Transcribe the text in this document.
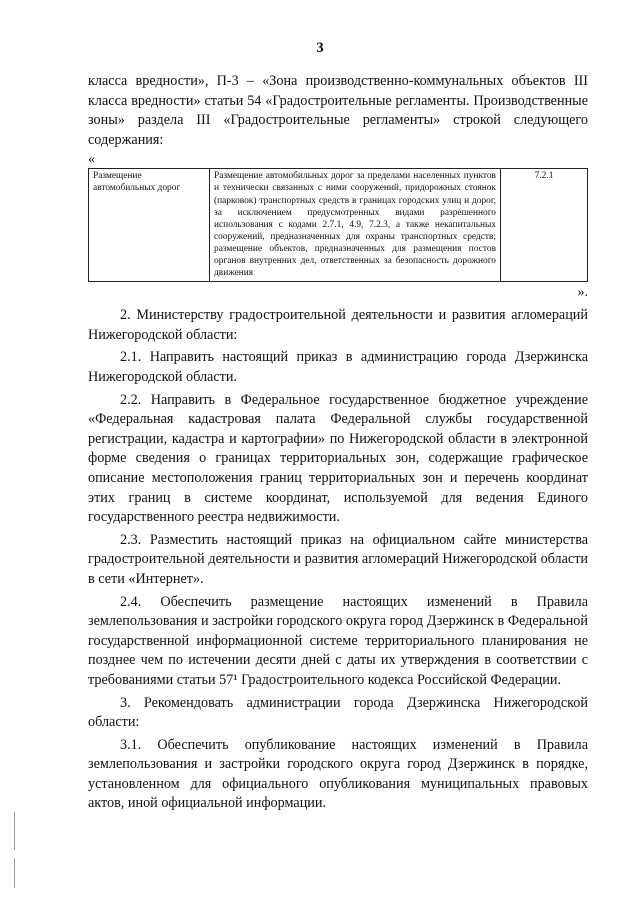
3

класса вредности», П-3 – «Зона производственно-коммунальных объектов III класса вредности» статьи 54 «Градостроительные регламенты. Производственные зоны» раздела III «Градостроительные регламенты» строкой следующего содержания:

«
Размещение автомобильных дорог	Размещение автомобильных дорог за пределами населенных пунктов и технически связанных с ними сооружений, придорожных стоянок (парковок) транспортных средств в границах городских улиц и дорог, за исключением предусмотренных видами разрешенного использования с кодами 2.7.1, 4.9, 7.2.3, а также некапитальных сооружений, предназначенных для охраны транспортных средств; размещение объектов, предназначенных для размещения постов органов внутренних дел, ответственных за безопасность дорожного движения	7.2.1
».

2. Министерству градостроительной деятельности и развития агломераций Нижегородской области:

2.1. Направить настоящий приказ в администрацию города Дзержинска Нижегородской области.

2.2. Направить в Федеральное государственное бюджетное учреждение «Федеральная кадастровая палата Федеральной службы государственной регистрации, кадастра и картографии» по Нижегородской области в электронной форме сведения о границах территориальных зон, содержащие графическое описание местоположения границ территориальных зон и перечень координат этих границ в системе координат, используемой для ведения Единого государственного реестра недвижимости.

2.3. Разместить настоящий приказ на официальном сайте министерства градостроительной деятельности и развития агломераций Нижегородской области в сети «Интернет».

2.4. Обеспечить размещение настоящих изменений в Правила землепользования и застройки городского округа город Дзержинск в Федеральной государственной информационной системе территориального планирования не позднее чем по истечении десяти дней с даты их утверждения в соответствии с требованиями статьи 57¹ Градостроительного кодекса Российской Федерации.

3. Рекомендовать администрации города Дзержинска Нижегородской области:

3.1. Обеспечить опубликование настоящих изменений в Правила землепользования и застройки городского округа город Дзержинск в порядке, установленном для официального опубликования муниципальных правовых актов, иной официальной информации.
